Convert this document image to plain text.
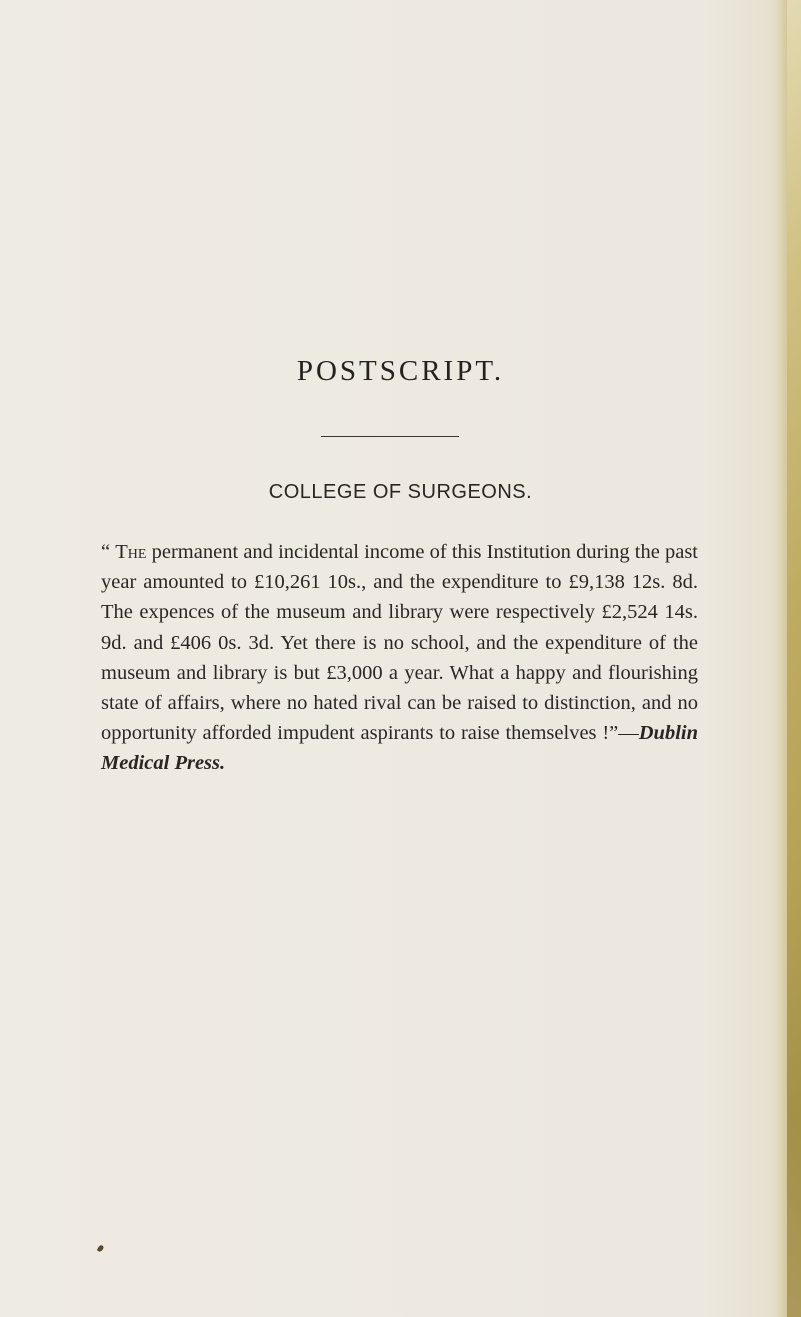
POSTSCRIPT.
COLLEGE OF SURGEONS.

“ The permanent and incidental income of this Institution during the past year amounted to £10,261 10s., and the expenditure to £9,138 12s. 8d. The expences of the museum and library were respectively £2,524 14s. 9d. and £406 0s. 3d. Yet there is no school, and the expenditure of the museum and library is but £3,000 a year. What a happy and flourishing state of affairs, where no hated rival can be raised to distinction, and no opportunity afforded impudent aspirants to raise themselves !”—Dublin Medical Press.
